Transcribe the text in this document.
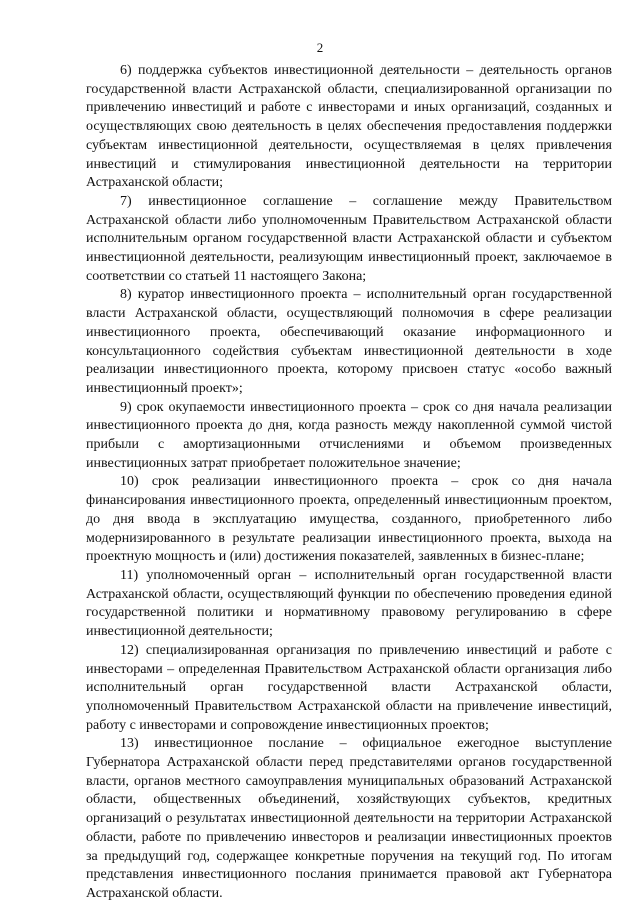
2

6) поддержка субъектов инвестиционной деятельности – деятельность органов государственной власти Астраханской области, специализированной организации по привлечению инвестиций и работе с инвесторами и иных организаций, созданных и осуществляющих свою деятельность в целях обеспечения предоставления поддержки субъектам инвестиционной деятельности, осуществляемая в целях привлечения инвестиций и стимулирования инвестиционной деятельности на территории Астраханской области;

7) инвестиционное соглашение – соглашение между Правительством Астраханской области либо уполномоченным Правительством Астраханской области исполнительным органом государственной власти Астраханской области и субъектом инвестиционной деятельности, реализующим инвестиционный проект, заключаемое в соответствии со статьей 11 настоящего Закона;

8) куратор инвестиционного проекта – исполнительный орган государственной власти Астраханской области, осуществляющий полномочия в сфере реализации инвестиционного проекта, обеспечивающий оказание информационного и консультационного содействия субъектам инвестиционной деятельности в ходе реализации инвестиционного проекта, которому присвоен статус «особо важный инвестиционный проект»;

9) срок окупаемости инвестиционного проекта – срок со дня начала реализации инвестиционного проекта до дня, когда разность между накопленной суммой чистой прибыли с амортизационными отчислениями и объемом произведенных инвестиционных затрат приобретает положительное значение;

10) срок реализации инвестиционного проекта – срок со дня начала финансирования инвестиционного проекта, определенный инвестиционным проектом, до дня ввода в эксплуатацию имущества, созданного, приобретенного либо модернизированного в результате реализации инвестиционного проекта, выхода на проектную мощность и (или) достижения показателей, заявленных в бизнес-плане;

11) уполномоченный орган – исполнительный орган государственной власти Астраханской области, осуществляющий функции по обеспечению проведения единой государственной политики и нормативному правовому регулированию в сфере инвестиционной деятельности;

12) специализированная организация по привлечению инвестиций и работе с инвесторами – определенная Правительством Астраханской области организация либо исполнительный орган государственной власти Астраханской области, уполномоченный Правительством Астраханской области на привлечение инвестиций, работу с инвесторами и сопровождение инвестиционных проектов;

13) инвестиционное послание – официальное ежегодное выступление Губернатора Астраханской области перед представителями органов государственной власти, органов местного самоуправления муниципальных образований Астраханской области, общественных объединений, хозяйствующих субъектов, кредитных организаций о результатах инвестиционной деятельности на территории Астраханской области, работе по привлечению инвесторов и реализации инвестиционных проектов за предыдущий год, содержащее конкретные поручения на текущий год. По итогам представления инвестиционного послания принимается правовой акт Губернатора Астраханской области.
